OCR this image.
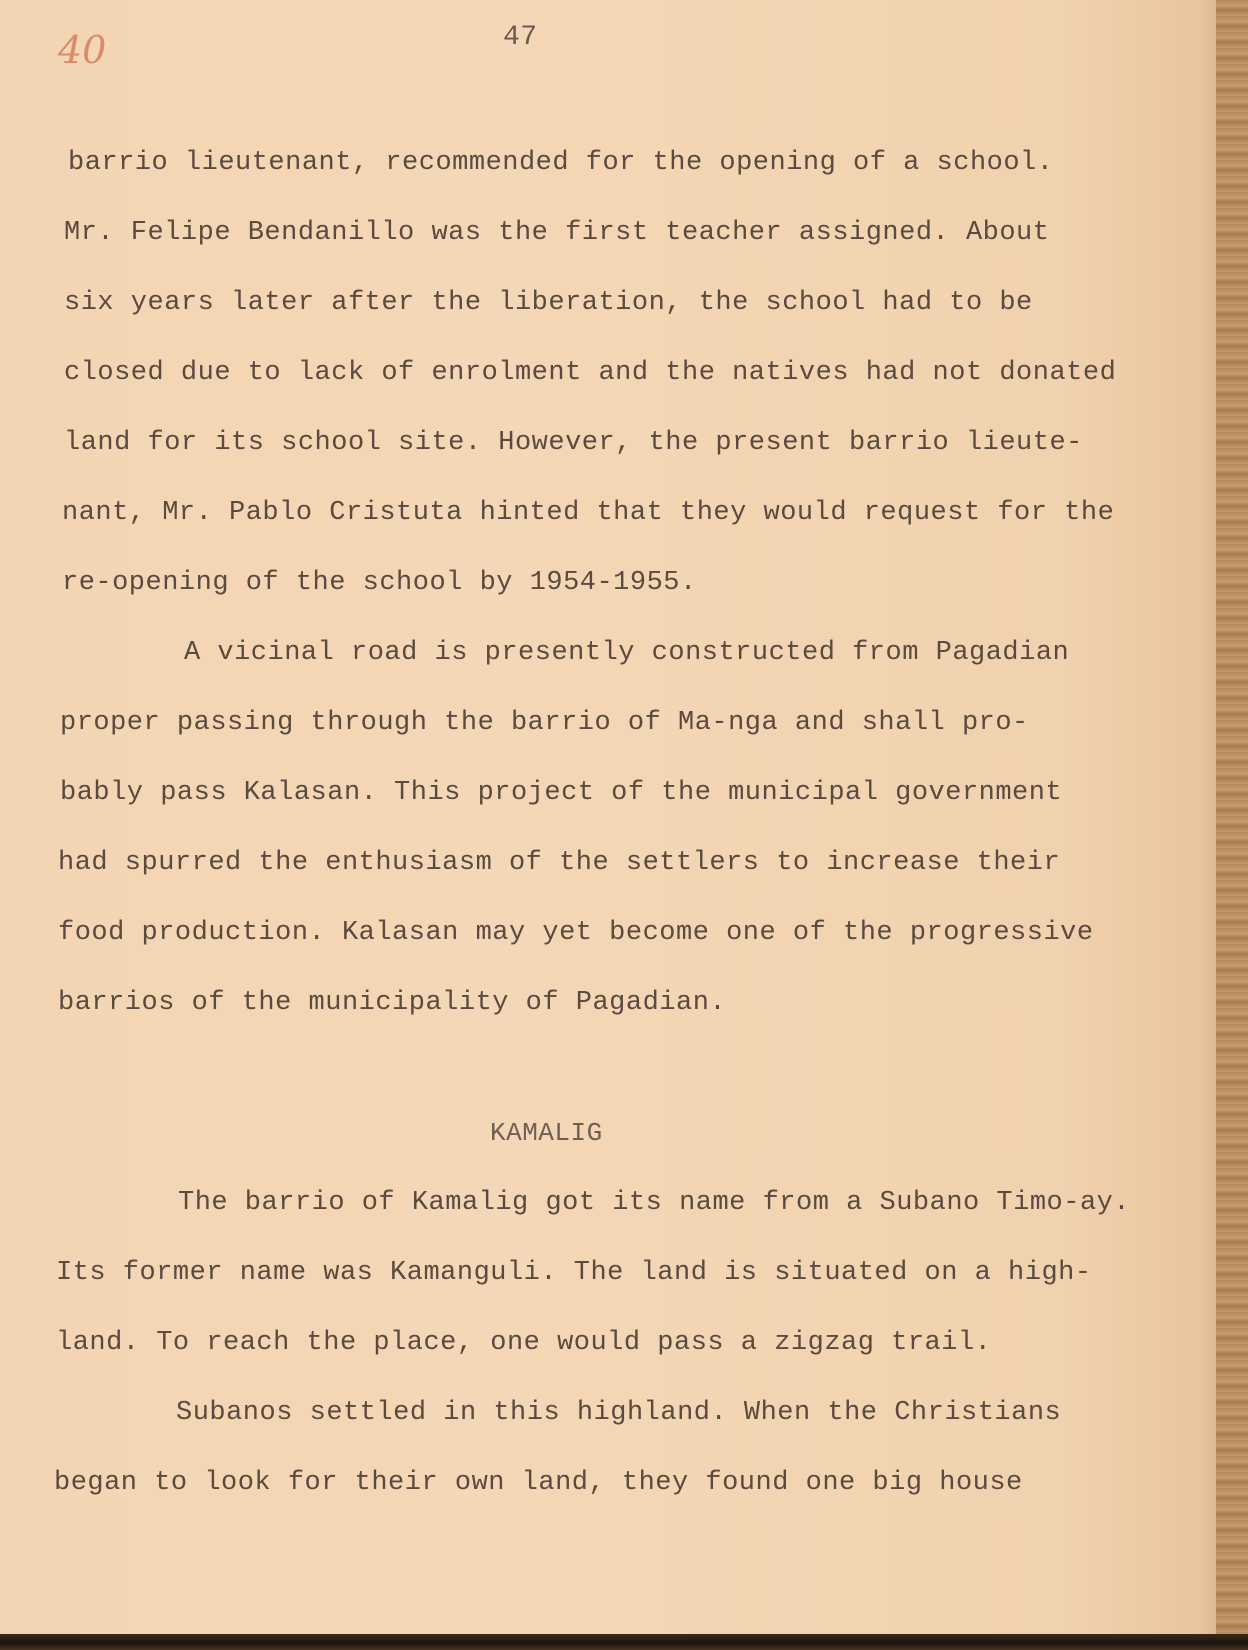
40	47

barrio lieutenant, recommended for the opening of a school.

Mr. Felipe Bendanillo was the first teacher assigned. About

six years later after the liberation, the school had to be

closed due to lack of enrolment and the natives had not donated

land for its school site. However, the present barrio lieute-

nant, Mr. Pablo Cristuta hinted that they would request for the

re-opening of the school by 1954-1955.

A vicinal road is presently constructed from Pagadian

proper passing through the barrio of Ma-nga and shall pro-

bably pass Kalasan. This project of the municipal government

had spurred the enthusiasm of the settlers to increase their

food production. Kalasan may yet become one of the progressive

barrios of the municipality of Pagadian.

KAMALIG

The barrio of Kamalig got its name from a Subano Timo-ay.

Its former name was Kamanguli. The land is situated on a high-

land. To reach the place, one would pass a zigzag trail.

Subanos settled in this highland. When the Christians

began to look for their own land, they found one big house
